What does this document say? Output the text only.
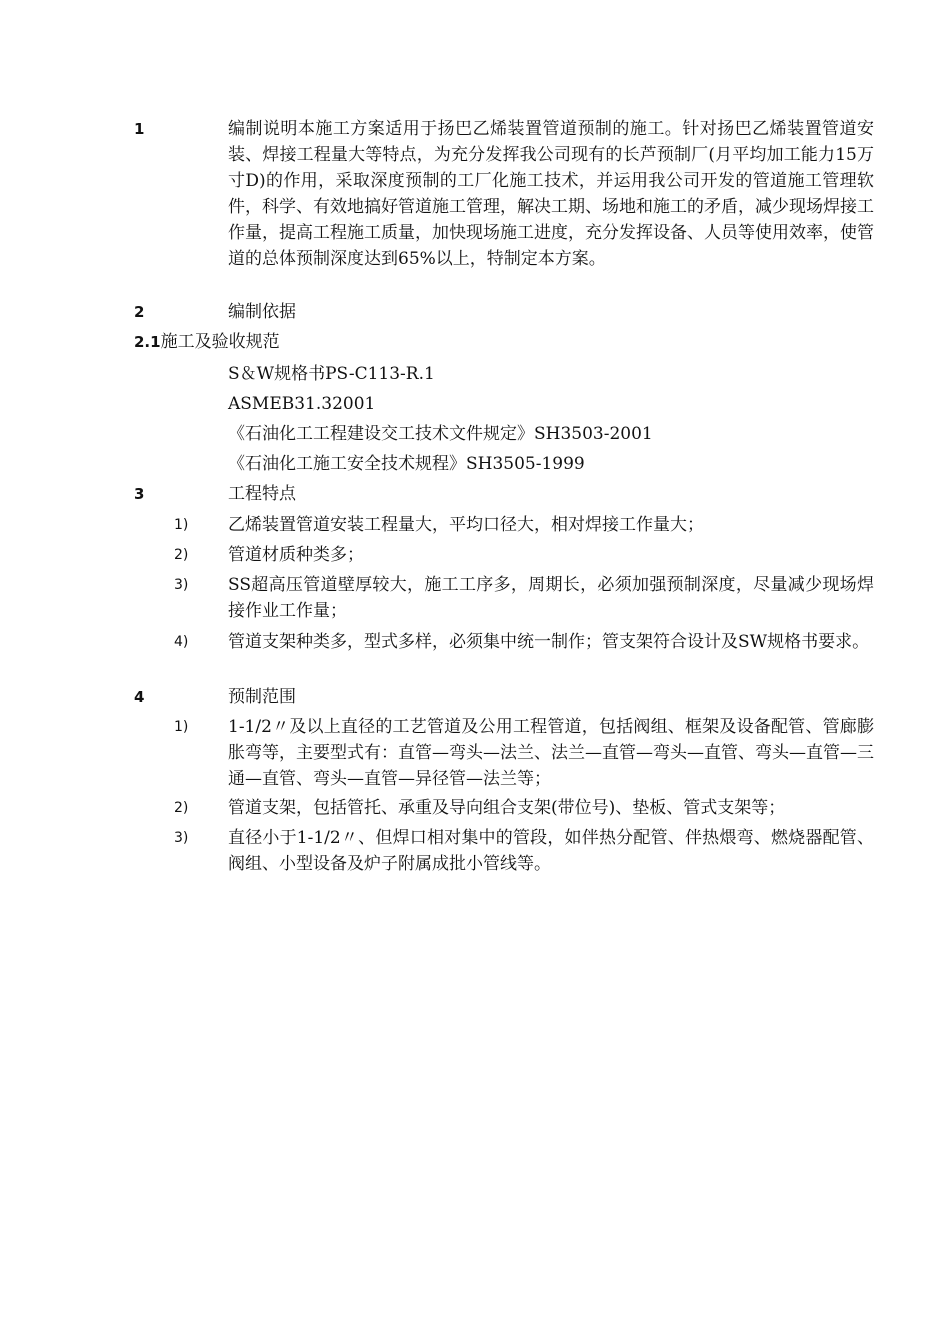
1	编制说明本施工方案适用于扬巴乙烯装置管道预制的施工。针对扬巴乙烯装置管道安装、焊接工程量大等特点，为充分发挥我公司现有的长芦预制厂(月平均加工能力15万寸D)的作用，采取深度预制的工厂化施工技术，并运用我公司开发的管道施工管理软件，科学、有效地搞好管道施工管理，解决工期、场地和施工的矛盾，减少现场焊接工作量，提高工程施工质量，加快现场施工进度，充分发挥设备、人员等使用效率，使管道的总体预制深度达到65%以上，特制定本方案。
2	编制依据
2.1施工及验收规范
S＆W规格书PS-C113-R.1
ASMEB31.32001
《石油化工工程建设交工技术文件规定》SH3503-2001
《石油化工施工安全技术规程》SH3505-1999
3	工程特点
1) 乙烯装置管道安装工程量大，平均口径大，相对焊接工作量大；
2) 管道材质种类多；
3) SS超高压管道壁厚较大，施工工序多，周期长，必须加强预制深度，尽量减少现场焊接作业工作量；
4) 管道支架种类多，型式多样，必须集中统一制作；管支架符合设计及SW规格书要求。
4	预制范围
1) 1-1/2〃及以上直径的工艺管道及公用工程管道，包括阀组、框架及设备配管、管廊膨胀弯等，主要型式有：直管—弯头—法兰、法兰—直管—弯头—直管、弯头—直管—三通—直管、弯头—直管—异径管—法兰等；
2) 管道支架，包括管托、承重及导向组合支架(带位号)、垫板、管式支架等；
3) 直径小于1-1/2〃、但焊口相对集中的管段，如伴热分配管、伴热煨弯、燃烧器配管、阀组、小型设备及炉子附属成批小管线等。
